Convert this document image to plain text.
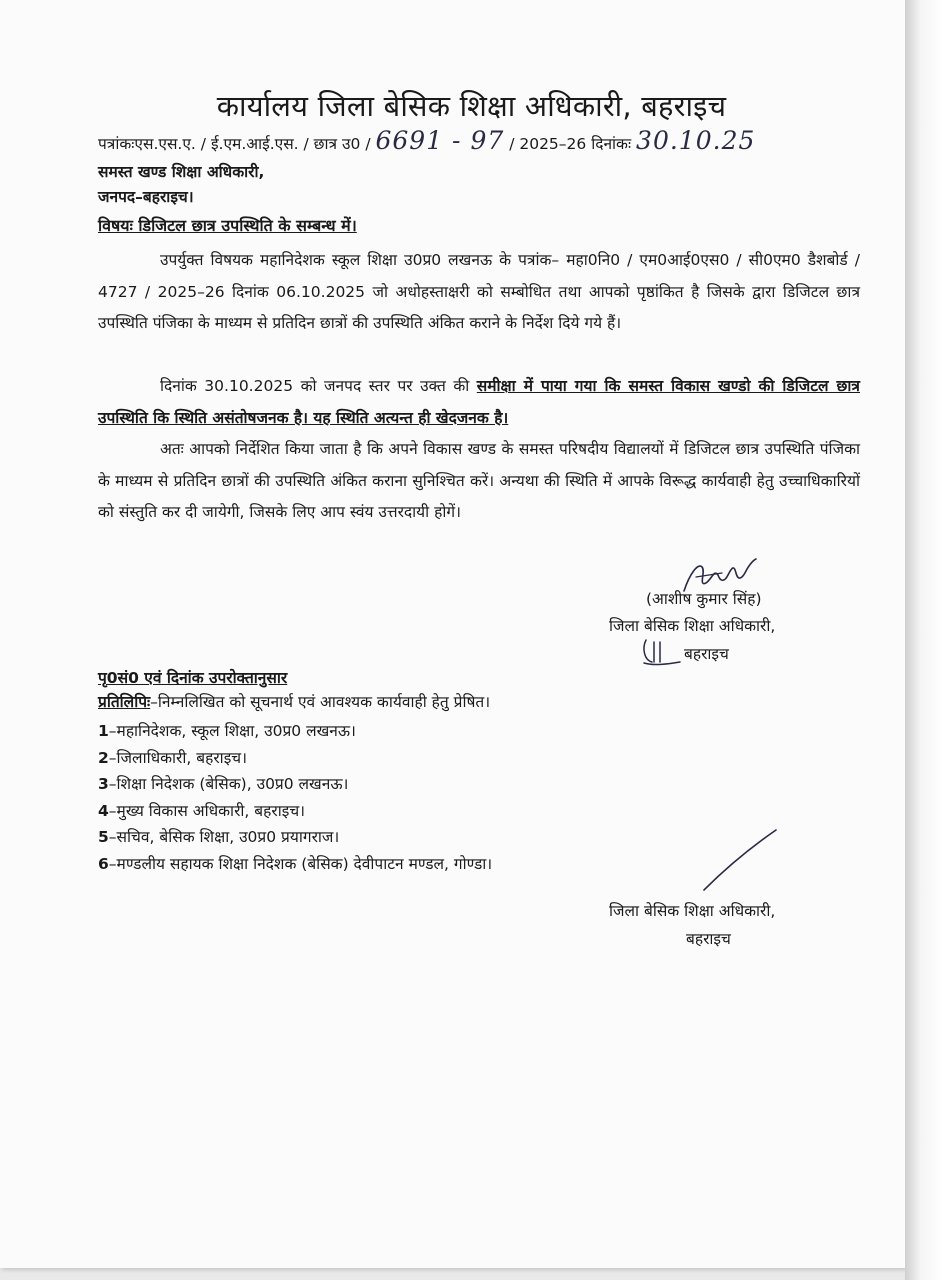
कार्यालय जिला बेसिक शिक्षा अधिकारी, बहराइच
पत्रांकःएस.एस.ए. / ई.एम.आई.एस. / छात्र उ0 / 6691 - 97 / 2025–26 दिनांकः 30.10.25
समस्त खण्ड शिक्षा अधिकारी,
जनपद–बहराइच।
विषयः डिजिटल छात्र उपस्थिति के सम्बन्ध में।
उपर्युक्त विषयक महानिदेशक स्कूल शिक्षा उ0प्र0 लखनऊ के पत्रांक– महा0नि0 / एम0आई0एस0 / सी0एम0 डैशबोर्ड / 4727 / 2025–26 दिनांक 06.10.2025 जो अधोहस्ताक्षरी को सम्बोधित तथा आपको पृष्ठांकित है जिसके द्वारा डिजिटल छात्र उपस्थिति पंजिका के माध्यम से प्रतिदिन छात्रों की उपस्थिति अंकित कराने के निर्देश दिये गये हैं।
दिनांक 30.10.2025 को जनपद स्तर पर उक्त की समीक्षा में पाया गया कि समस्त विकास खण्डो की डिजिटल छात्र उपस्थिति कि स्थिति असंतोषजनक है। यह स्थिति अत्यन्त ही खेदजनक है।
अतः आपको निर्देशित किया जाता है कि अपने विकास खण्ड के समस्त परिषदीय विद्यालयों में डिजिटल छात्र उपस्थिति पंजिका के माध्यम से प्रतिदिन छात्रों की उपस्थिति अंकित कराना सुनिश्चित करें। अन्यथा की स्थिति में आपके विरूद्ध कार्यवाही हेतु उच्चाधिकारियों को संस्तुति कर दी जायेगी, जिसके लिए आप स्वंय उत्तरदायी होगें।
(आशीष कुमार सिंह)
जिला बेसिक शिक्षा अधिकारी,
बहराइच
पृ0सं0 एवं दिनांक उपरोक्तानुसार
प्रतिलिपिः–निम्नलिखित को सूचनार्थ एवं आवश्यक कार्यवाही हेतु प्रेषित।
1–महानिदेशक, स्कूल शिक्षा, उ0प्र0 लखनऊ।
2–जिलाधिकारी, बहराइच।
3–शिक्षा निदेशक (बेसिक), उ0प्र0 लखनऊ।
4–मुख्य विकास अधिकारी, बहराइच।
5–सचिव, बेसिक शिक्षा, उ0प्र0 प्रयागराज।
6–मण्डलीय सहायक शिक्षा निदेशक (बेसिक) देवीपाटन मण्डल, गोण्डा।
जिला बेसिक शिक्षा अधिकारी,
बहराइच
